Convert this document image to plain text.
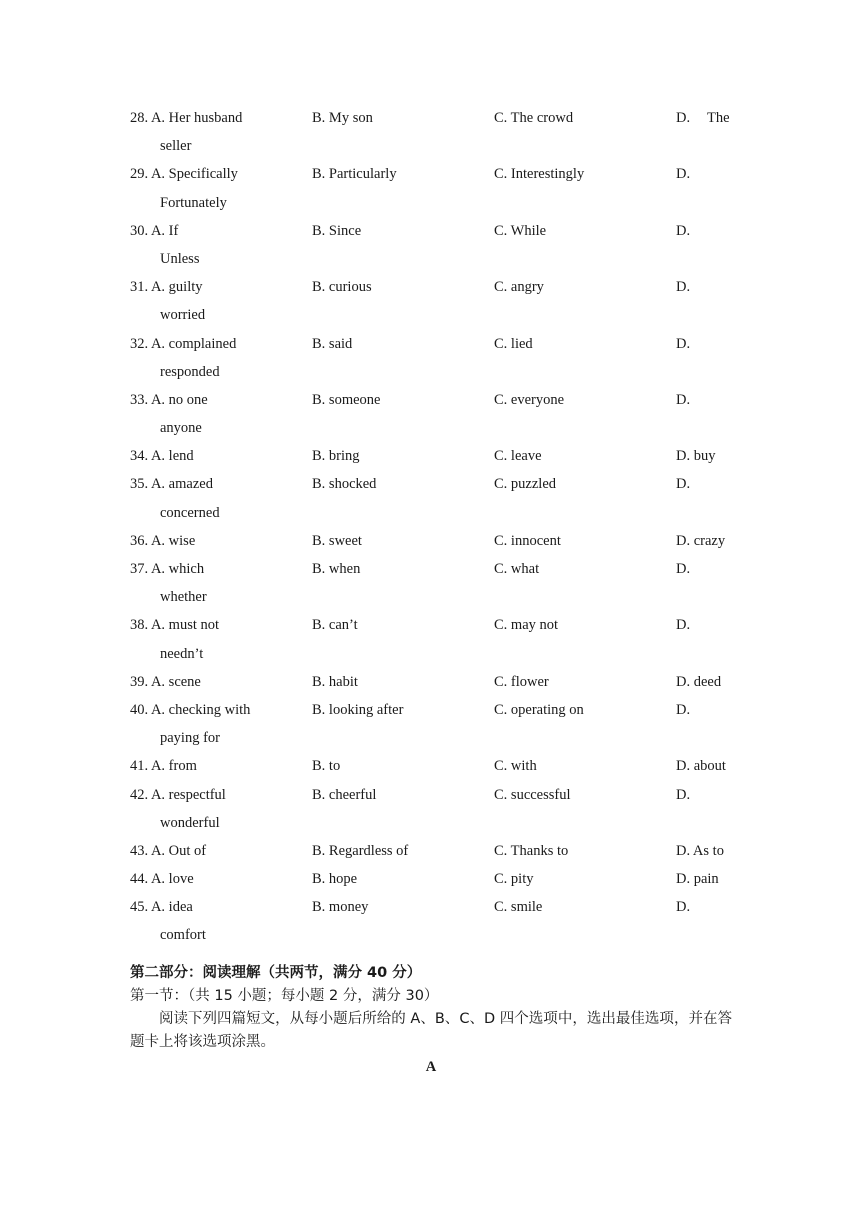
28. A. Her husband	B. My son	C. The crowd	D. The
seller
29. A. Specifically	B. Particularly	C. Interestingly	D.
Fortunately
30. A. If	B. Since	C. While	D.
Unless
31. A. guilty	B. curious	C. angry	D.
worried
32. A. complained	B. said	C. lied	D.
responded
33. A. no one	B. someone	C. everyone	D.
anyone
34. A. lend	B. bring	C. leave	D. buy
35. A. amazed	B. shocked	C. puzzled	D.
concerned
36. A. wise	B. sweet	C. innocent	D. crazy
37. A. which	B. when	C. what	D.
whether
38. A. must not	B. can’t	C. may not	D.
needn’t
39. A. scene	B. habit	C. flower	D. deed
40. A. checking with	B. looking after	C. operating on	D.
paying for
41. A. from	B. to	C. with	D. about
42. A. respectful	B. cheerful	C. successful	D.
wonderful
43. A. Out of	B. Regardless of	C. Thanks to	D. As to
44. A. love	B. hope	C. pity	D. pain
45. A. idea	B. money	C. smile	D.
comfort
第二部分：阅读理解（共两节，满分 40 分）
第一节：（共 15 小题；每小题 2 分，满分 30）
阅读下列四篇短文，从每小题后所给的 A、B、C、D 四个选项中，选出最佳选项，并在答题卡上将该选项涂黑。
A
